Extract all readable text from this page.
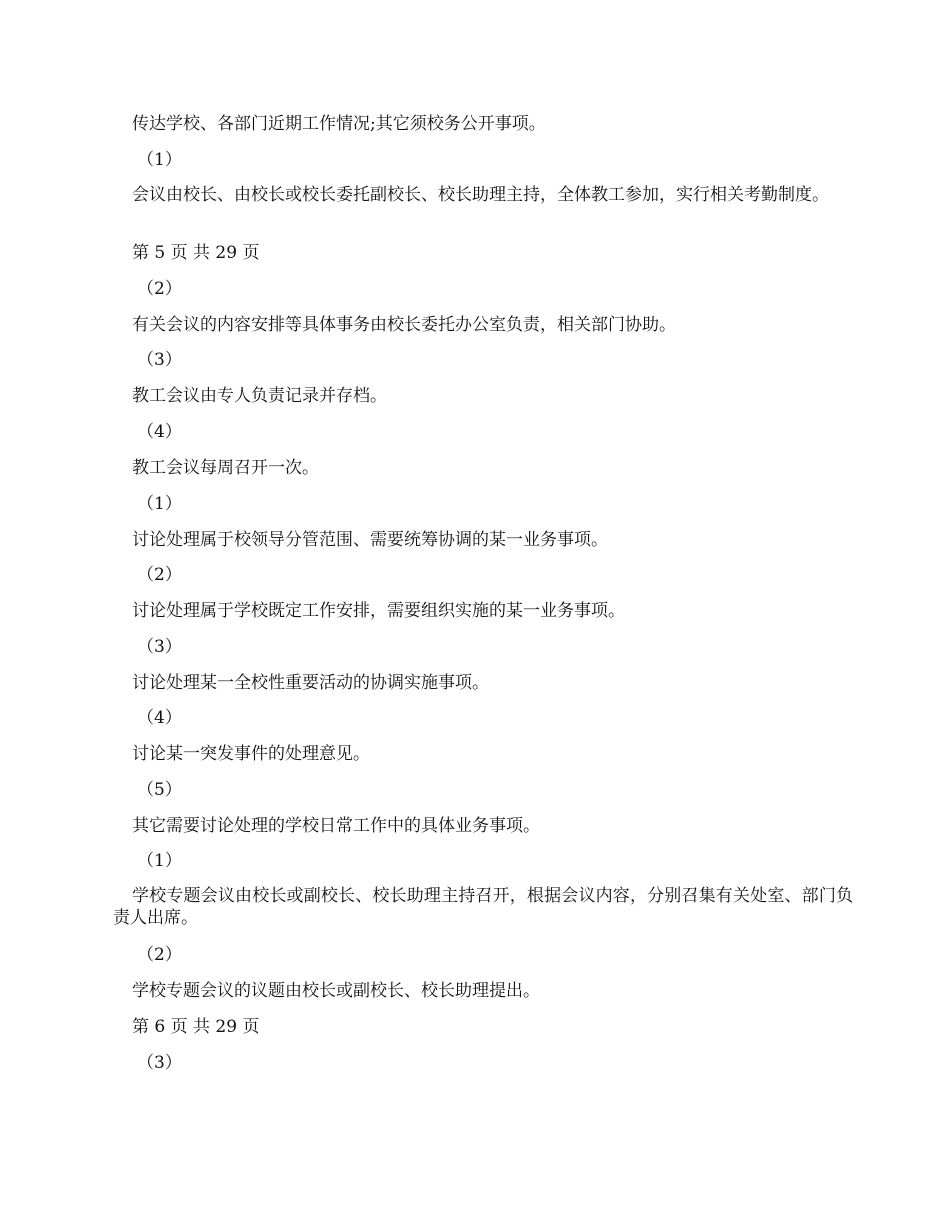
传达学校、各部门近期工作情况;其它须校务公开事项。
（1）
会议由校长、由校长或校长委托副校长、校长助理主持，全体教工参加，实行相关考勤制度。
第 5 页 共 29 页
（2）
有关会议的内容安排等具体事务由校长委托办公室负责，相关部门协助。
（3）
教工会议由专人负责记录并存档。
（4）
教工会议每周召开一次。
（1）
讨论处理属于校领导分管范围、需要统筹协调的某一业务事项。
（2）
讨论处理属于学校既定工作安排，需要组织实施的某一业务事项。
（3）
讨论处理某一全校性重要活动的协调实施事项。
（4）
讨论某一突发事件的处理意见。
（5）
其它需要讨论处理的学校日常工作中的具体业务事项。
（1）
学校专题会议由校长或副校长、校长助理主持召开，根据会议内容，分别召集有关处室、部门负责人出席。
（2）
学校专题会议的议题由校长或副校长、校长助理提出。
第 6 页 共 29 页
（3）
